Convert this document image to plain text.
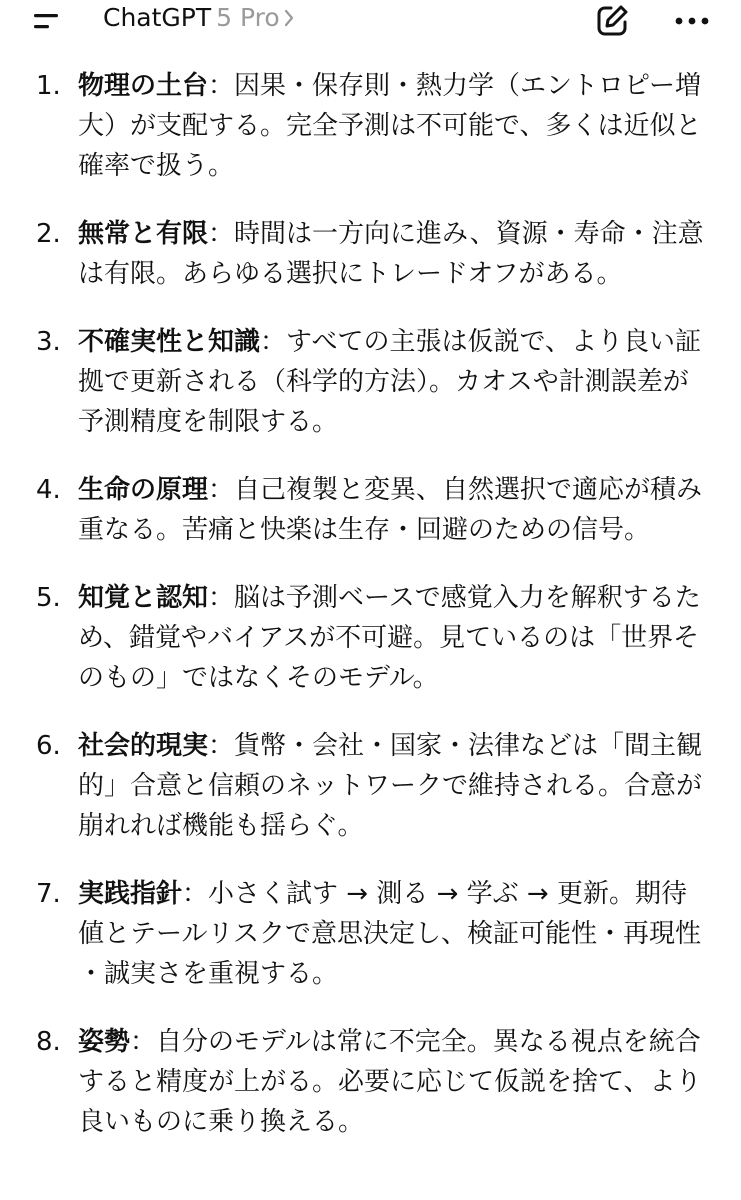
ChatGPT 5 Pro
1. 物理の土台：因果・保存則・熱力学（エントロピー増大）が支配する。完全予測は不可能で、多くは近似と確率で扱う。
2. 無常と有限：時間は一方向に進み、資源・寿命・注意は有限。あらゆる選択にトレードオフがある。
3. 不確実性と知識：すべての主張は仮説で、より良い証拠で更新される（科学的方法）。カオスや計測誤差が予測精度を制限する。
4. 生命の原理：自己複製と変異、自然選択で適応が積み重なる。苦痛と快楽は生存・回避のための信号。
5. 知覚と認知：脳は予測ベースで感覚入力を解釈するため、錯覚やバイアスが不可避。見ているのは「世界そのもの」ではなくそのモデル。
6. 社会的現実：貨幣・会社・国家・法律などは「間主観的」合意と信頼のネットワークで維持される。合意が崩れれば機能も揺らぐ。
7. 実践指針：小さく試す → 測る → 学ぶ → 更新。期待値とテールリスクで意思決定し、検証可能性・再現性・誠実さを重視する。
8. 姿勢：自分のモデルは常に不完全。異なる視点を統合すると精度が上がる。必要に応じて仮説を捨て、より良いものに乗り換える。
